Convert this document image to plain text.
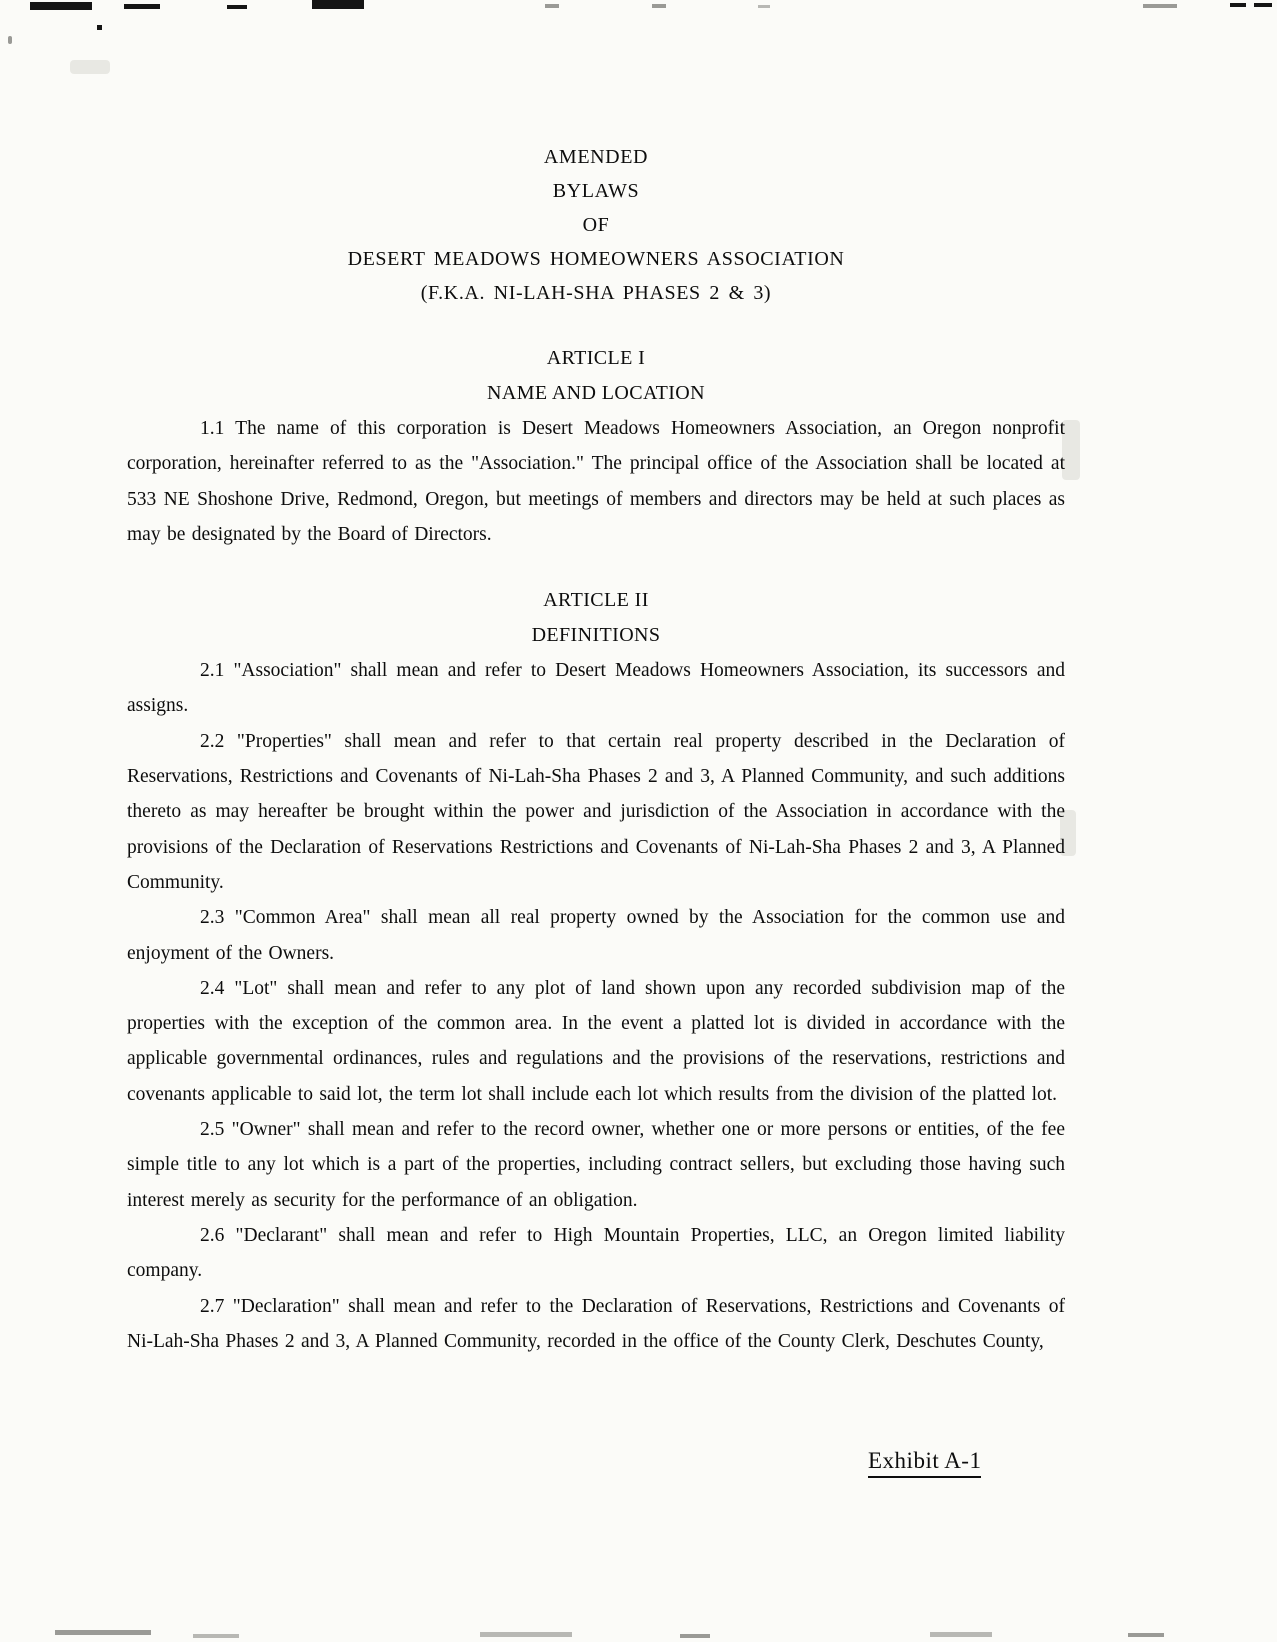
AMENDED
BYLAWS
OF
DESERT MEADOWS HOMEOWNERS ASSOCIATION
(F.K.A. NI-LAH-SHA PHASES 2 & 3)
ARTICLE I
NAME AND LOCATION

1.1 The name of this corporation is Desert Meadows Homeowners Association, an Oregon nonprofit corporation, hereinafter referred to as the "Association." The principal office of the Association shall be located at 533 NE Shoshone Drive, Redmond, Oregon, but meetings of members and directors may be held at such places as may be designated by the Board of Directors.

ARTICLE II
DEFINITIONS

2.1 "Association" shall mean and refer to Desert Meadows Homeowners Association, its successors and assigns.

2.2 "Properties" shall mean and refer to that certain real property described in the Declaration of Reservations, Restrictions and Covenants of Ni-Lah-Sha Phases 2 and 3, A Planned Community, and such additions thereto as may hereafter be brought within the power and jurisdiction of the Association in accordance with the provisions of the Declaration of Reservations Restrictions and Covenants of Ni-Lah-Sha Phases 2 and 3, A Planned Community.

2.3 "Common Area" shall mean all real property owned by the Association for the common use and enjoyment of the Owners.

2.4 "Lot" shall mean and refer to any plot of land shown upon any recorded subdivision map of the properties with the exception of the common area. In the event a platted lot is divided in accordance with the applicable governmental ordinances, rules and regulations and the provisions of the reservations, restrictions and covenants applicable to said lot, the term lot shall include each lot which results from the division of the platted lot.

2.5 "Owner" shall mean and refer to the record owner, whether one or more persons or entities, of the fee simple title to any lot which is a part of the properties, including contract sellers, but excluding those having such interest merely as security for the performance of an obligation.

2.6 "Declarant" shall mean and refer to High Mountain Properties, LLC, an Oregon limited liability company.

2.7 "Declaration" shall mean and refer to the Declaration of Reservations, Restrictions and Covenants of Ni-Lah-Sha Phases 2 and 3, A Planned Community, recorded in the office of the County Clerk, Deschutes County,

Exhibit A-1
